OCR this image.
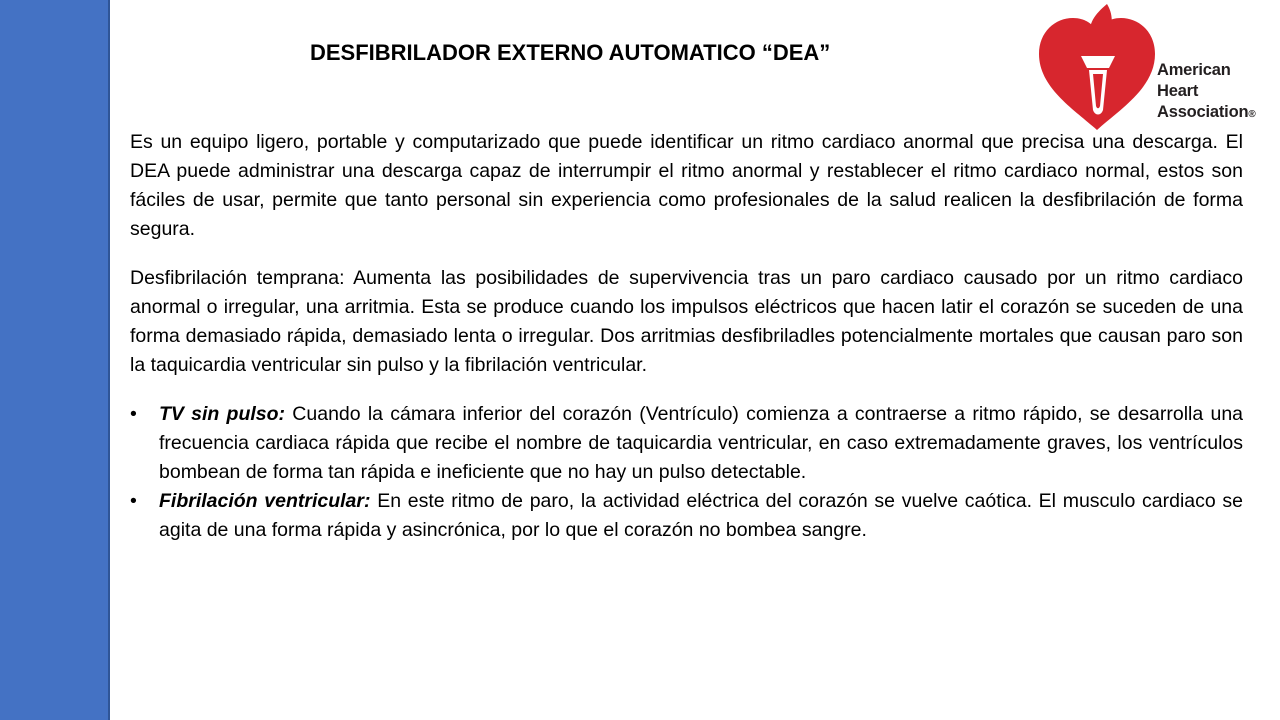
DESFIBRILADOR EXTERNO AUTOMATICO “DEA”
American
Heart
Association®

Es un equipo ligero, portable y computarizado que puede identificar un ritmo cardiaco anormal que precisa una descarga. El DEA puede administrar una descarga capaz de interrumpir el ritmo anormal y restablecer el ritmo cardiaco normal, estos son fáciles de usar, permite que tanto personal sin experiencia como profesionales de la salud realicen la desfibrilación de forma segura.

Desfibrilación temprana: Aumenta las posibilidades de supervivencia tras un paro cardiaco causado por un ritmo cardiaco anormal o irregular, una arritmia. Esta se produce cuando los impulsos eléctricos que hacen latir el corazón se suceden de una forma demasiado rápida, demasiado lenta o irregular. Dos arritmias desfibriladles potencialmente mortales que causan paro son la taquicardia ventricular sin pulso y la fibrilación ventricular.

• TV sin pulso: Cuando la cámara inferior del corazón (Ventrículo) comienza a contraerse a ritmo rápido, se desarrolla una frecuencia cardiaca rápida que recibe el nombre de taquicardia ventricular, en caso extremadamente graves, los ventrículos bombean de forma tan rápida e ineficiente que no hay un pulso detectable.
• Fibrilación ventricular: En este ritmo de paro, la actividad eléctrica del corazón se vuelve caótica. El musculo cardiaco se agita de una forma rápida y asincrónica, por lo que el corazón no bombea sangre.
